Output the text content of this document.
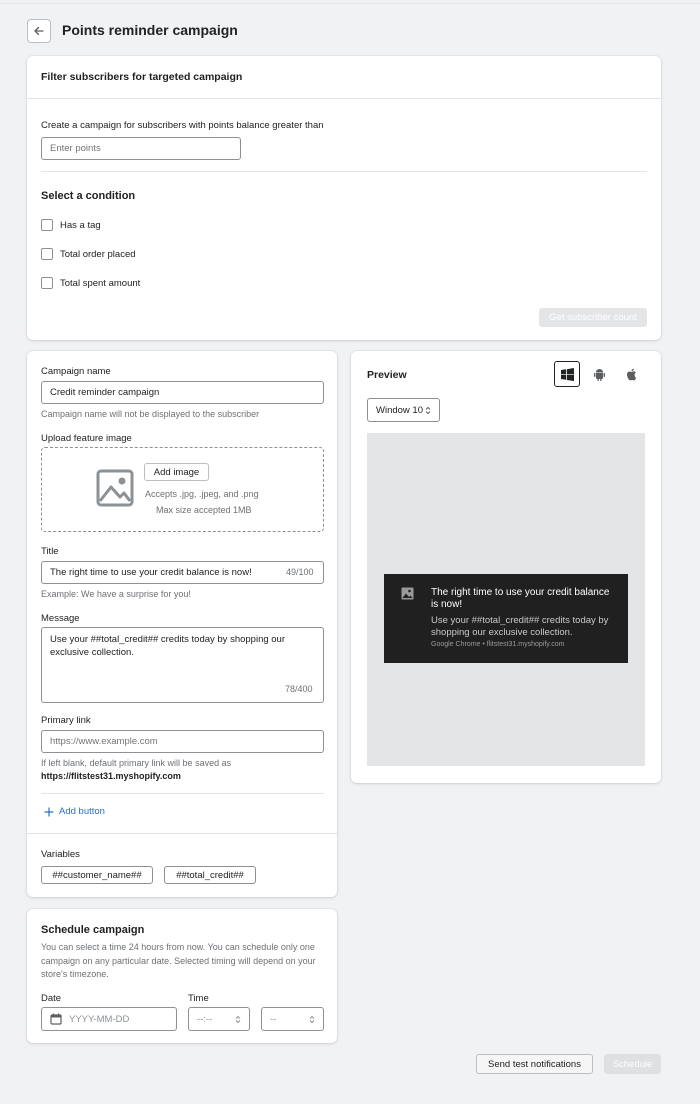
Points reminder campaign
Filter subscribers for targeted campaign
Create a campaign for subscribers with points balance greater than
Enter points
Select a condition
Has a tag
Total order placed
Total spent amount
Get subscriber count
Campaign name
Credit reminder campaign
Campaign name will not be displayed to the subscriber
Upload feature image
Add image
Accepts .jpg, .jpeg, and .png
Max size accepted 1MB
Title
The right time to use your credit balance is now!	49/100
Example: We have a surprise for you!
Message
Use your ##total_credit## credits today by shopping our exclusive collection.
78/400
Primary link
https://www.example.com
If left blank, default primary link will be saved as
https://flitstest31.myshopify.com
Add button
Variables
##customer_name##	##total_credit##
Preview
Window 10
The right time to use your credit balance is now!
Use your ##total_credit## credits today by shopping our exclusive collection.
Google Chrome • flitstest31.myshopify.com
Schedule campaign
You can select a time 24 hours from now. You can schedule only one campaign on any particular date. Selected timing will depend on your store's timezone.
Date
YYYY-MM-DD
Time
--:--	--
Send test notifications	Schedule
